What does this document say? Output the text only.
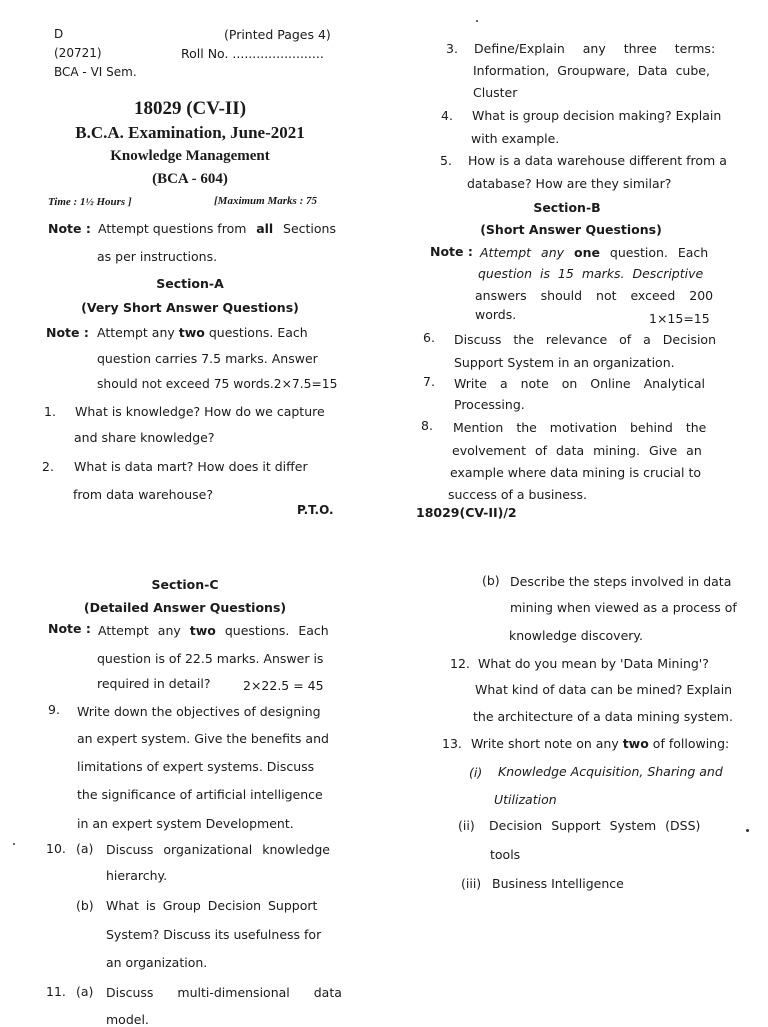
D
(20721)
BCA - VI Sem.
(Printed Pages 4)
Roll No. .......................
18029 (CV-II)
B.C.A. Examination, June-2021
Knowledge Management
(BCA - 604)
Time : 1½ Hours ]	[Maximum Marks : 75
Note : Attempt questions from all Sections
as per instructions.
Section-A
(Very Short Answer Questions)
Note : Attempt any two questions. Each
question carries 7.5 marks. Answer
should not exceed 75 words.2×7.5=15
1. What is knowledge? How do we capture
and share knowledge?
2. What is data mart? How does it differ
from data warehouse?
P.T.O.
3. Define/Explain any three terms:
Information, Groupware, Data cube,
Cluster
4. What is group decision making? Explain
with example.
5. How is a data warehouse different from a
database? How are they similar?
Section-B
(Short Answer Questions)
Note : Attempt any one question. Each
question is 15 marks. Descriptive
answers should not exceed 200
words.	1×15=15
6. Discuss the relevance of a Decision
Support System in an organization.
7. Write a note on Online Analytical
Processing.
8. Mention the motivation behind the
evolvement of data mining. Give an
example where data mining is crucial to
success of a business.
18029(CV-II)/2
Section-C
(Detailed Answer Questions)
Note : Attempt any two questions. Each
question is of 22.5 marks. Answer is
required in detail?	2×22.5 = 45
9. Write down the objectives of designing
an expert system. Give the benefits and
limitations of expert systems. Discuss
the significance of artificial intelligence
in an expert system Development.
10. (a) Discuss organizational knowledge
hierarchy.
(b) What is Group Decision Support
System? Discuss its usefulness for
an organization.
11. (a) Discuss multi-dimensional data
model.
(b) Describe the steps involved in data
mining when viewed as a process of
knowledge discovery.
12. What do you mean by 'Data Mining'?
What kind of data can be mined? Explain
the architecture of a data mining system.
13. Write short note on any two of following:
(i) Knowledge Acquisition, Sharing and
Utilization
(ii) Decision Support System (DSS)
tools
(iii) Business Intelligence
